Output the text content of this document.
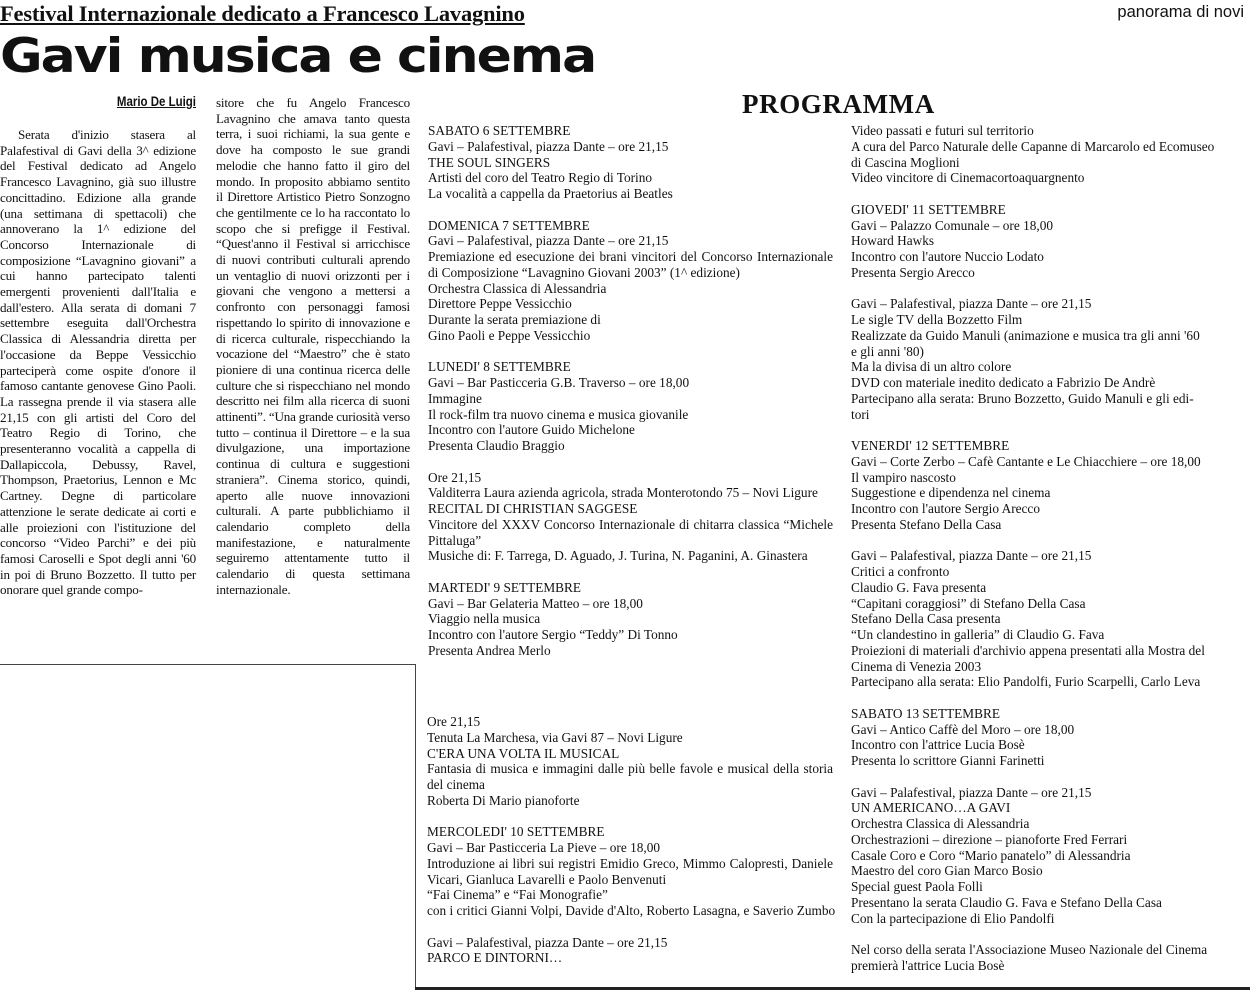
Festival Internazionale dedicato a Francesco Lavagnino	panorama di novi
Gavi musica e cinema
Mario De Luigi

Serata d'inizio stasera al Palafestival di Gavi della 3^ edizione del Festival dedicato ad Angelo Francesco Lavagnino, già suo illustre concittadino. Edizione alla grande (una settimana di spettacoli) che annoverano la 1^ edizione del Concorso Internazionale di composizione “Lavagnino giovani” a cui hanno partecipato talenti emergenti provenienti dall'Italia e dall'estero. Alla serata di domani 7 settembre eseguita dall'Orchestra Classica di Alessandria diretta per l'occasione da Beppe Vessicchio parteciperà come ospite d'onore il famoso cantante genovese Gino Paoli. La rassegna prende il via stasera alle 21,15 con gli artisti del Coro del Teatro Regio di Torino, che presenteranno vocalità a cappella di Dallapiccola, Debussy, Ravel, Thompson, Praetorius, Lennon e Mc Cartney. Degne di particolare attenzione le serate dedicate ai corti e alle proiezioni con l'istituzione del concorso “Video Parchi” e dei più famosi Caroselli e Spot degli anni '60 in poi di Bruno Bozzetto. Il tutto per onorare quel grande compo-

sitore che fu Angelo Francesco Lavagnino che amava tanto questa terra, i suoi richiami, la sua gente e dove ha composto le sue grandi melodie che hanno fatto il giro del mondo. In proposito abbiamo sentito il Direttore Artistico Pietro Sonzogno che gentilmente ce lo ha raccontato lo scopo che si prefigge il Festival. “Quest'anno il Festival si arricchisce di nuovi contributi culturali aprendo un ventaglio di nuovi orizzonti per i giovani che vengono a mettersi a confronto con personaggi famosi rispettando lo spirito di innovazione e di ricerca culturale, rispecchiando la vocazione del “Maestro” che è stato pioniere di una continua ricerca delle culture che si rispecchiano nel mondo descritto nei film alla ricerca di suoni attinenti”. “Una grande curiosità verso tutto – continua il Direttore – e la sua divulgazione, una importazione continua di cultura e suggestioni straniera”. Cinema storico, quindi, aperto alle nuove innovazioni culturali. A parte pubblichiamo il calendario completo della manifestazione, e naturalmente seguiremo attentamente tutto il calendario di questa settimana internazionale.

PROGRAMMA
SABATO 6 SETTEMBRE
Gavi – Palafestival, piazza Dante – ore 21,15
THE SOUL SINGERS
Artisti del coro del Teatro Regio di Torino
La vocalità a cappella da Praetorius ai Beatles
DOMENICA 7 SETTEMBRE
Gavi – Palafestival, piazza Dante – ore 21,15
Premiazione ed esecuzione dei brani vincitori del Concorso Internazionale di Composizione “Lavagnino Giovani 2003” (1^ edizione)
Orchestra Classica di Alessandria
Direttore Peppe Vessicchio
Durante la serata premiazione di
Gino Paoli e Peppe Vessicchio
LUNEDI' 8 SETTEMBRE
Gavi – Bar Pasticceria G.B. Traverso – ore 18,00
Immagine
Il rock-film tra nuovo cinema e musica giovanile
Incontro con l'autore Guido Michelone
Presenta Claudio Braggio
Ore 21,15
Valditerra Laura azienda agricola, strada Monterotondo 75 – Novi Ligure
RECITAL DI CHRISTIAN SAGGESE
Vincitore del XXXV Concorso Internazionale di chitarra classica “Michele Pittaluga”
Musiche di: F. Tarrega, D. Aguado, J. Turina, N. Paganini, A. Ginastera
MARTEDI' 9 SETTEMBRE
Gavi – Bar Gelateria Matteo – ore 18,00
Viaggio nella musica
Incontro con l'autore Sergio “Teddy” Di Tonno
Presenta Andrea Merlo
Ore 21,15
Tenuta La Marchesa, via Gavi 87 – Novi Ligure
C'ERA UNA VOLTA IL MUSICAL
Fantasia di musica e immagini dalle più belle favole e musical della storia del cinema
Roberta Di Mario pianoforte
MERCOLEDI' 10 SETTEMBRE
Gavi – Bar Pasticceria La Pieve – ore 18,00
Introduzione ai libri sui registri Emidio Greco, Mimmo Calopresti, Daniele Vicari, Gianluca Lavarelli e Paolo Benvenuti
“Fai Cinema” e “Fai Monografie”
con i critici Gianni Volpi, Davide d'Alto, Roberto Lasagna, e Saverio Zumbo
Gavi – Palafestival, piazza Dante – ore 21,15
PARCO E DINTORNI…
Video passati e futuri sul territorio
A cura del Parco Naturale delle Capanne di Marcarolo ed Ecomuseo
di Cascina Moglioni
Video vincitore di Cinemacortoaquargnento
GIOVEDI' 11 SETTEMBRE
Gavi – Palazzo Comunale – ore 18,00
Howard Hawks
Incontro con l'autore Nuccio Lodato
Presenta Sergio Arecco
Gavi – Palafestival, piazza Dante – ore 21,15
Le sigle TV della Bozzetto Film
Realizzate da Guido Manuli (animazione e musica tra gli anni '60
e gli anni '80)
Ma la divisa di un altro colore
DVD con materiale inedito dedicato a Fabrizio De Andrè
Partecipano alla serata: Bruno Bozzetto, Guido Manuli e gli edi-
tori
VENERDI' 12 SETTEMBRE
Gavi – Corte Zerbo – Cafè Cantante e Le Chiacchiere – ore 18,00
Il vampiro nascosto
Suggestione e dipendenza nel cinema
Incontro con l'autore Sergio Arecco
Presenta Stefano Della Casa
Gavi – Palafestival, piazza Dante – ore 21,15
Critici a confronto
Claudio G. Fava presenta
“Capitani coraggiosi” di Stefano Della Casa
Stefano Della Casa presenta
“Un clandestino in galleria” di Claudio G. Fava
Proiezioni di materiali d'archivio appena presentati alla Mostra del
Cinema di Venezia 2003
Partecipano alla serata: Elio Pandolfi, Furio Scarpelli, Carlo Leva
SABATO 13 SETTEMBRE
Gavi – Antico Caffè del Moro – ore 18,00
Incontro con l'attrice Lucia Bosè
Presenta lo scrittore Gianni Farinetti
Gavi – Palafestival, piazza Dante – ore 21,15
UN AMERICANO…A GAVI
Orchestra Classica di Alessandria
Orchestrazioni – direzione – pianoforte Fred Ferrari
Casale Coro e Coro “Mario panatelo” di Alessandria
Maestro del coro Gian Marco Bosio
Special guest Paola Folli
Presentano la serata Claudio G. Fava e Stefano Della Casa
Con la partecipazione di Elio Pandolfi
Nel corso della serata l'Associazione Museo Nazionale del Cinema
premierà l'attrice Lucia Bosè
